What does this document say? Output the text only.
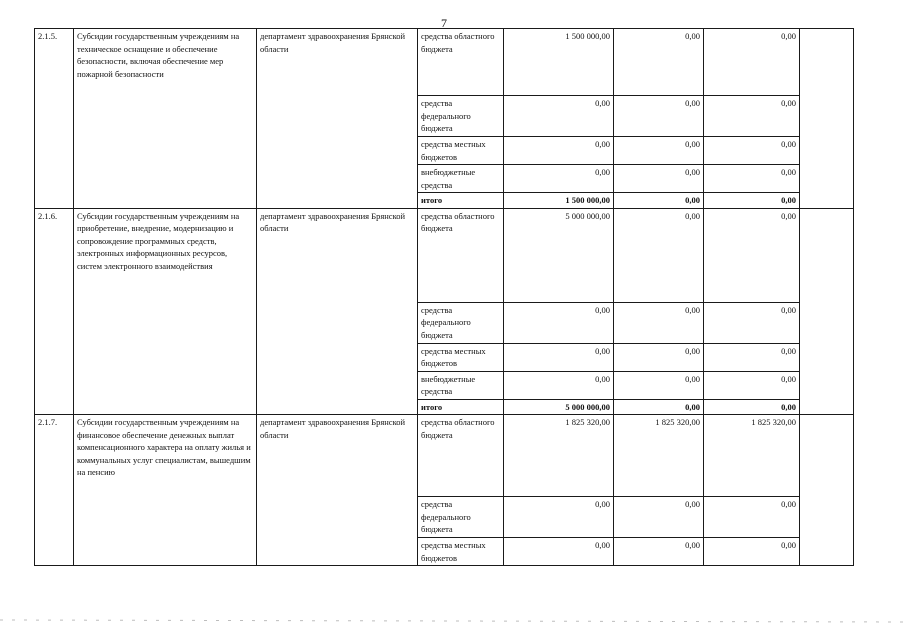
7
2.1.5.	Субсидии государственным учреждениям на техническое оснащение и обеспечение безопасности, включая обеспечение мер пожарной безопасности	департамент здравоохранения Брянской области	средства областного бюджета	1 500 000,00	0,00	0,00	
			средства федерального бюджета	0,00	0,00	0,00	
			средства местных бюджетов	0,00	0,00	0,00	
			внебюджетные средства	0,00	0,00	0,00	
			итого	1 500 000,00	0,00	0,00	
2.1.6.	Субсидии государственным учреждениям на приобретение, внедрение, модернизацию и сопровождение программных средств, электронных информационных ресурсов, систем электронного взаимодействия	департамент здравоохранения Брянской области	средства областного бюджета	5 000 000,00	0,00	0,00	
			средства федерального бюджета	0,00	0,00	0,00	
			средства местных бюджетов	0,00	0,00	0,00	
			внебюджетные средства	0,00	0,00	0,00	
			итого	5 000 000,00	0,00	0,00	
2.1.7.	Субсидии государственным учреждениям на финансовое обеспечение денежных выплат компенсационного характера на оплату жилья и коммунальных услуг специалистам, вышедшим на пенсию	департамент здравоохранения Брянской области	средства областного бюджета	1 825 320,00	1 825 320,00	1 825 320,00	
			средства федерального бюджета	0,00	0,00	0,00	
			средства местных бюджетов	0,00	0,00	0,00	
